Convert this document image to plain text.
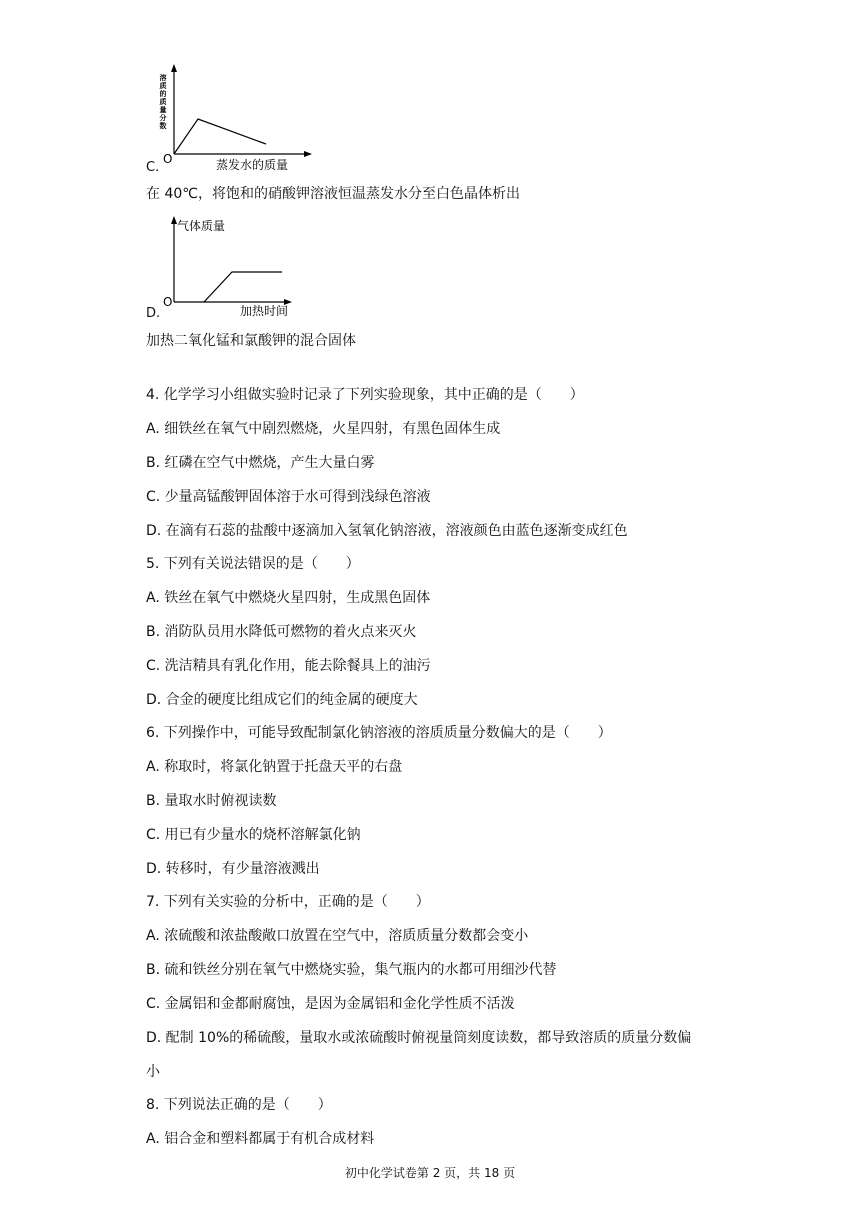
溶质的质量分数
O	蒸发水的质量
C.
在 40℃，将饱和的硝酸钾溶液恒温蒸发水分至白色晶体析出
气体质量
O
加热时间
D.
加热二氧化锰和氯酸钾的混合固体
4. 化学学习小组做实验时记录了下列实验现象，其中正确的是（　　）
A. 细铁丝在氧气中剧烈燃烧，火星四射，有黑色固体生成
B. 红磷在空气中燃烧，产生大量白雾
C. 少量高锰酸钾固体溶于水可得到浅绿色溶液
D. 在滴有石蕊的盐酸中逐滴加入氢氧化钠溶液，溶液颜色由蓝色逐渐变成红色
5. 下列有关说法错误的是（　　）
A. 铁丝在氧气中燃烧火星四射，生成黑色固体
B. 消防队员用水降低可燃物的着火点来灭火
C. 洗洁精具有乳化作用，能去除餐具上的油污
D. 合金的硬度比组成它们的纯金属的硬度大
6. 下列操作中，可能导致配制氯化钠溶液的溶质质量分数偏大的是（　　）
A. 称取时，将氯化钠置于托盘天平的右盘
B. 量取水时俯视读数
C. 用已有少量水的烧杯溶解氯化钠
D. 转移时，有少量溶液溅出
7. 下列有关实验的分析中，正确的是（　　）
A. 浓硫酸和浓盐酸敞口放置在空气中，溶质质量分数都会变小
B. 硫和铁丝分别在氧气中燃烧实验，集气瓶内的水都可用细沙代替
C. 金属铝和金都耐腐蚀，是因为金属铝和金化学性质不活泼
D. 配制 10%的稀硫酸，量取水或浓硫酸时俯视量筒刻度读数，都导致溶质的质量分数偏
小
8. 下列说法正确的是（　　）
A. 铝合金和塑料都属于有机合成材料
初中化学试卷第 2 页，共 18 页
